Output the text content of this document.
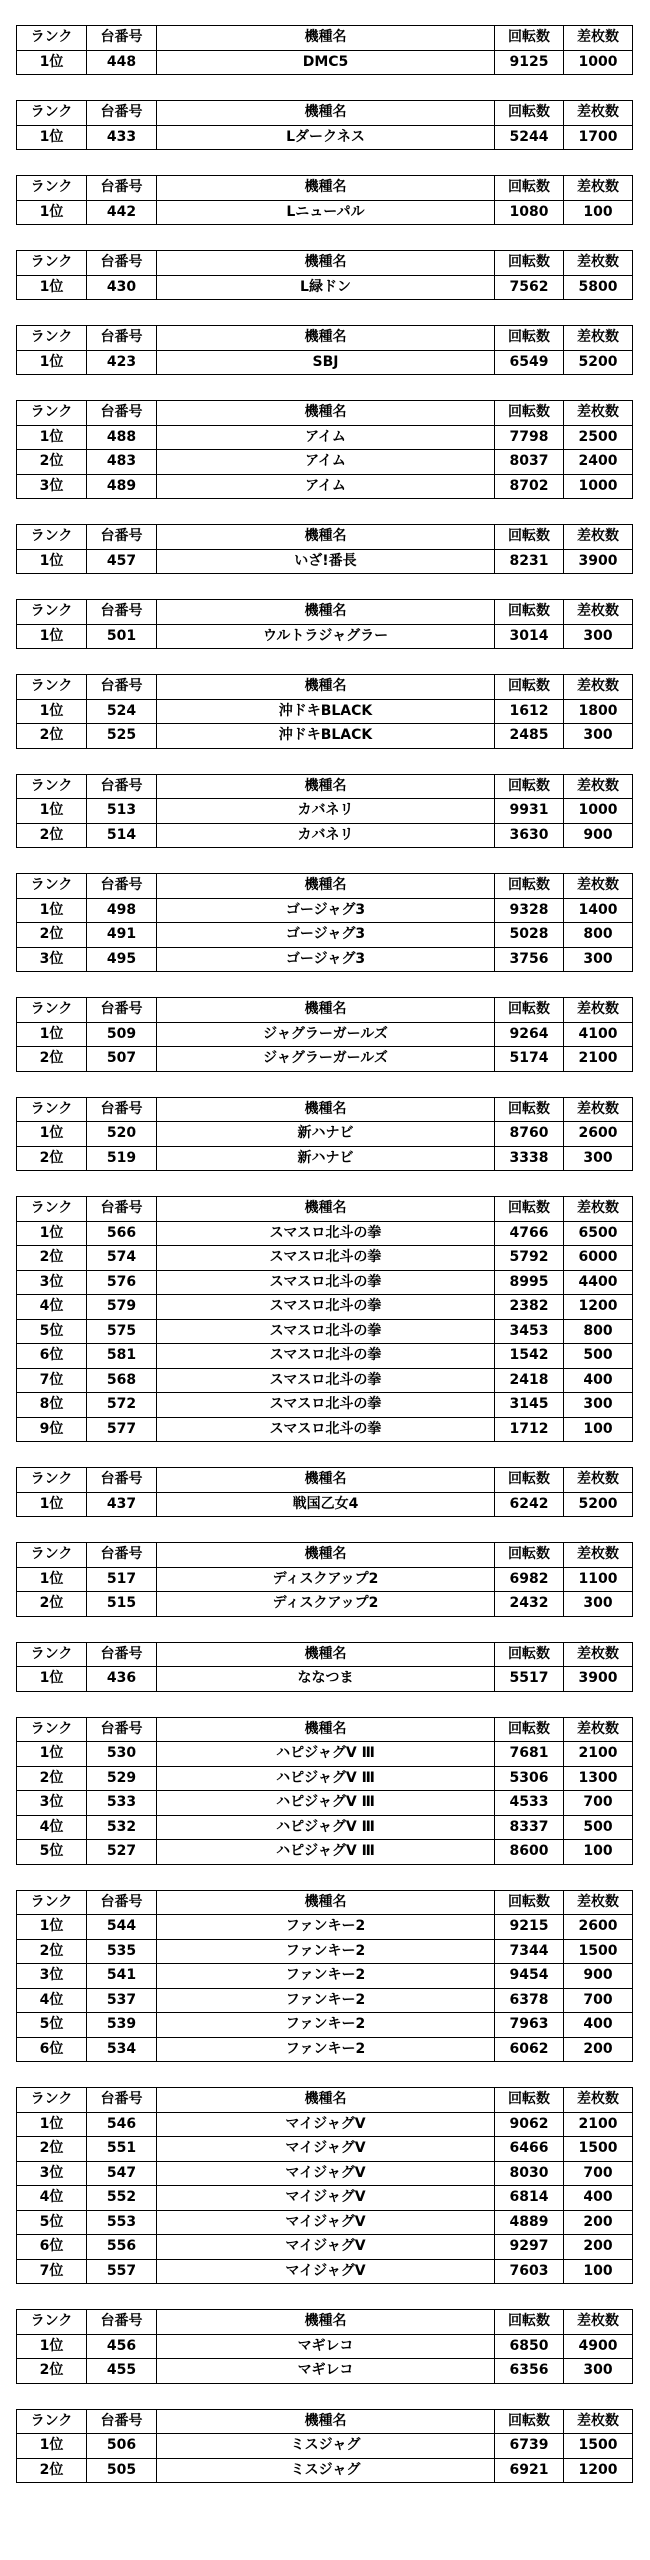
ランク	台番号	機種名	回転数	差枚数
1位	448	DMC5	9125	1000
ランク	台番号	機種名	回転数	差枚数
1位	433	Lダークネス	5244	1700
ランク	台番号	機種名	回転数	差枚数
1位	442	Lニューパル	1080	100
ランク	台番号	機種名	回転数	差枚数
1位	430	L緑ドン	7562	5800
ランク	台番号	機種名	回転数	差枚数
1位	423	SBJ	6549	5200
ランク	台番号	機種名	回転数	差枚数
1位	488	アイム	7798	2500
2位	483	アイム	8037	2400
3位	489	アイム	8702	1000
ランク	台番号	機種名	回転数	差枚数
1位	457	いざ!番長	8231	3900
ランク	台番号	機種名	回転数	差枚数
1位	501	ウルトラジャグラー	3014	300
ランク	台番号	機種名	回転数	差枚数
1位	524	沖ドキBLACK	1612	1800
2位	525	沖ドキBLACK	2485	300
ランク	台番号	機種名	回転数	差枚数
1位	513	カバネリ	9931	1000
2位	514	カバネリ	3630	900
ランク	台番号	機種名	回転数	差枚数
1位	498	ゴージャグ3	9328	1400
2位	491	ゴージャグ3	5028	800
3位	495	ゴージャグ3	3756	300
ランク	台番号	機種名	回転数	差枚数
1位	509	ジャグラーガールズ	9264	4100
2位	507	ジャグラーガールズ	5174	2100
ランク	台番号	機種名	回転数	差枚数
1位	520	新ハナビ	8760	2600
2位	519	新ハナビ	3338	300
ランク	台番号	機種名	回転数	差枚数
1位	566	スマスロ北斗の拳	4766	6500
2位	574	スマスロ北斗の拳	5792	6000
3位	576	スマスロ北斗の拳	8995	4400
4位	579	スマスロ北斗の拳	2382	1200
5位	575	スマスロ北斗の拳	3453	800
6位	581	スマスロ北斗の拳	1542	500
7位	568	スマスロ北斗の拳	2418	400
8位	572	スマスロ北斗の拳	3145	300
9位	577	スマスロ北斗の拳	1712	100
ランク	台番号	機種名	回転数	差枚数
1位	437	戦国乙女4	6242	5200
ランク	台番号	機種名	回転数	差枚数
1位	517	ディスクアップ2	6982	1100
2位	515	ディスクアップ2	2432	300
ランク	台番号	機種名	回転数	差枚数
1位	436	ななつま	5517	3900
ランク	台番号	機種名	回転数	差枚数
1位	530	ハピジャグV Ⅲ	7681	2100
2位	529	ハピジャグV Ⅲ	5306	1300
3位	533	ハピジャグV Ⅲ	4533	700
4位	532	ハピジャグV Ⅲ	8337	500
5位	527	ハピジャグV Ⅲ	8600	100
ランク	台番号	機種名	回転数	差枚数
1位	544	ファンキー2	9215	2600
2位	535	ファンキー2	7344	1500
3位	541	ファンキー2	9454	900
4位	537	ファンキー2	6378	700
5位	539	ファンキー2	7963	400
6位	534	ファンキー2	6062	200
ランク	台番号	機種名	回転数	差枚数
1位	546	マイジャグV	9062	2100
2位	551	マイジャグV	6466	1500
3位	547	マイジャグV	8030	700
4位	552	マイジャグV	6814	400
5位	553	マイジャグV	4889	200
6位	556	マイジャグV	9297	200
7位	557	マイジャグV	7603	100
ランク	台番号	機種名	回転数	差枚数
1位	456	マギレコ	6850	4900
2位	455	マギレコ	6356	300
ランク	台番号	機種名	回転数	差枚数
1位	506	ミスジャグ	6739	1500
2位	505	ミスジャグ	6921	1200
